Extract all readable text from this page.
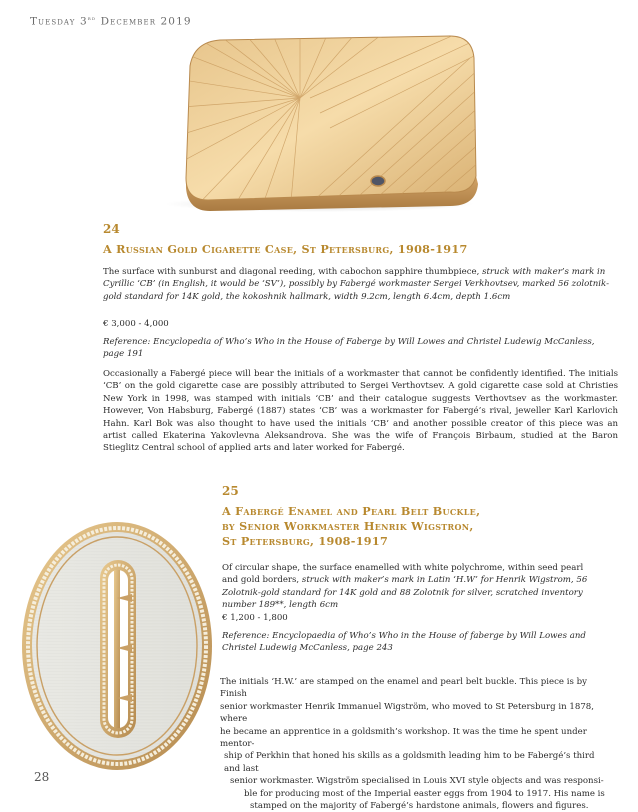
Tuesday 3rd December 2019
24
A Russian Gold Cigarette Case, St Petersburg, 1908-1917
The surface with sunburst and diagonal reeding, with cabochon sapphire thumbpiece, struck with maker’s mark in Cyrillic ‘CB’ (in English, it would be ‘SV’), possibly by Fabergé workmaster Sergei Verkhovtsev, marked 56 zolotnik-gold standard for 14K gold, the kokoshnik hallmark, width 9.2cm, length 6.4cm, depth 1.6cm
€ 3,000 - 4,000
Reference: Encyclopedia of Who’s Who in the House of Faberge by Will Lowes and Christel Ludewig McCanless, page 191
Occasionally a Fabergé piece will bear the initials of a workmaster that cannot be confidently identified. The initials ‘CB’ on the gold cigarette case are possibly attributed to Sergei Verthovtsev. A gold cigarette case sold at Christies New York in 1998, was stamped with initials ‘CB’ and their catalogue suggests Verthovtsev as the workmaster. However, Von Habsburg, Fabergé (1887) states ‘CB’ was a workmaster for Fabergé’s rival, jeweller Karl Karlovich Hahn. Karl Bok was also thought to have used the initials ‘CB’ and another possible creator of this piece was an artist called Ekaterina Yakovlevna Aleksandrova. She was the wife of François Birbaum, studied at the Baron Stieglitz Central school of applied arts and later worked for Fabergé.
25
A Fabergé Enamel and Pearl Belt Buckle,
by Senior Workmaster Henrik Wigstron,
St Petersburg, 1908-1917
Of circular shape, the surface enamelled with white polychrome, within seed pearl and gold borders, struck with maker’s mark in Latin ‘H.W’ for Henrik Wigstrom, 56 Zolotnik-gold standard for 14K gold and 88 Zolotnik for silver, scratched inventory number 189**, length 6cm
€ 1,200 - 1,800
Reference: Encyclopaedia of Who’s Who in the House of faberge by Will Lowes and Christel Ludewig McCanless, page 243
The initials ‘H.W.’ are stamped on the enamel and pearl belt buckle. This piece is by Finish
senior workmaster Henrik Immanuel Wigström, who moved to St Petersburg in 1878, where
he became an apprentice in a goldsmith’s workshop. It was the time he spent under mentor-
ship of Perkhin that honed his skills as a goldsmith leading him to be Fabergé’s third and last
senior workmaster. Wigström specialised in Louis XVI style objects and was responsi-
ble for producing most of the Imperial easter eggs from 1904 to 1917. His name is
stamped on the majority of Fabergé’s hardstone animals, flowers and figures.
28
